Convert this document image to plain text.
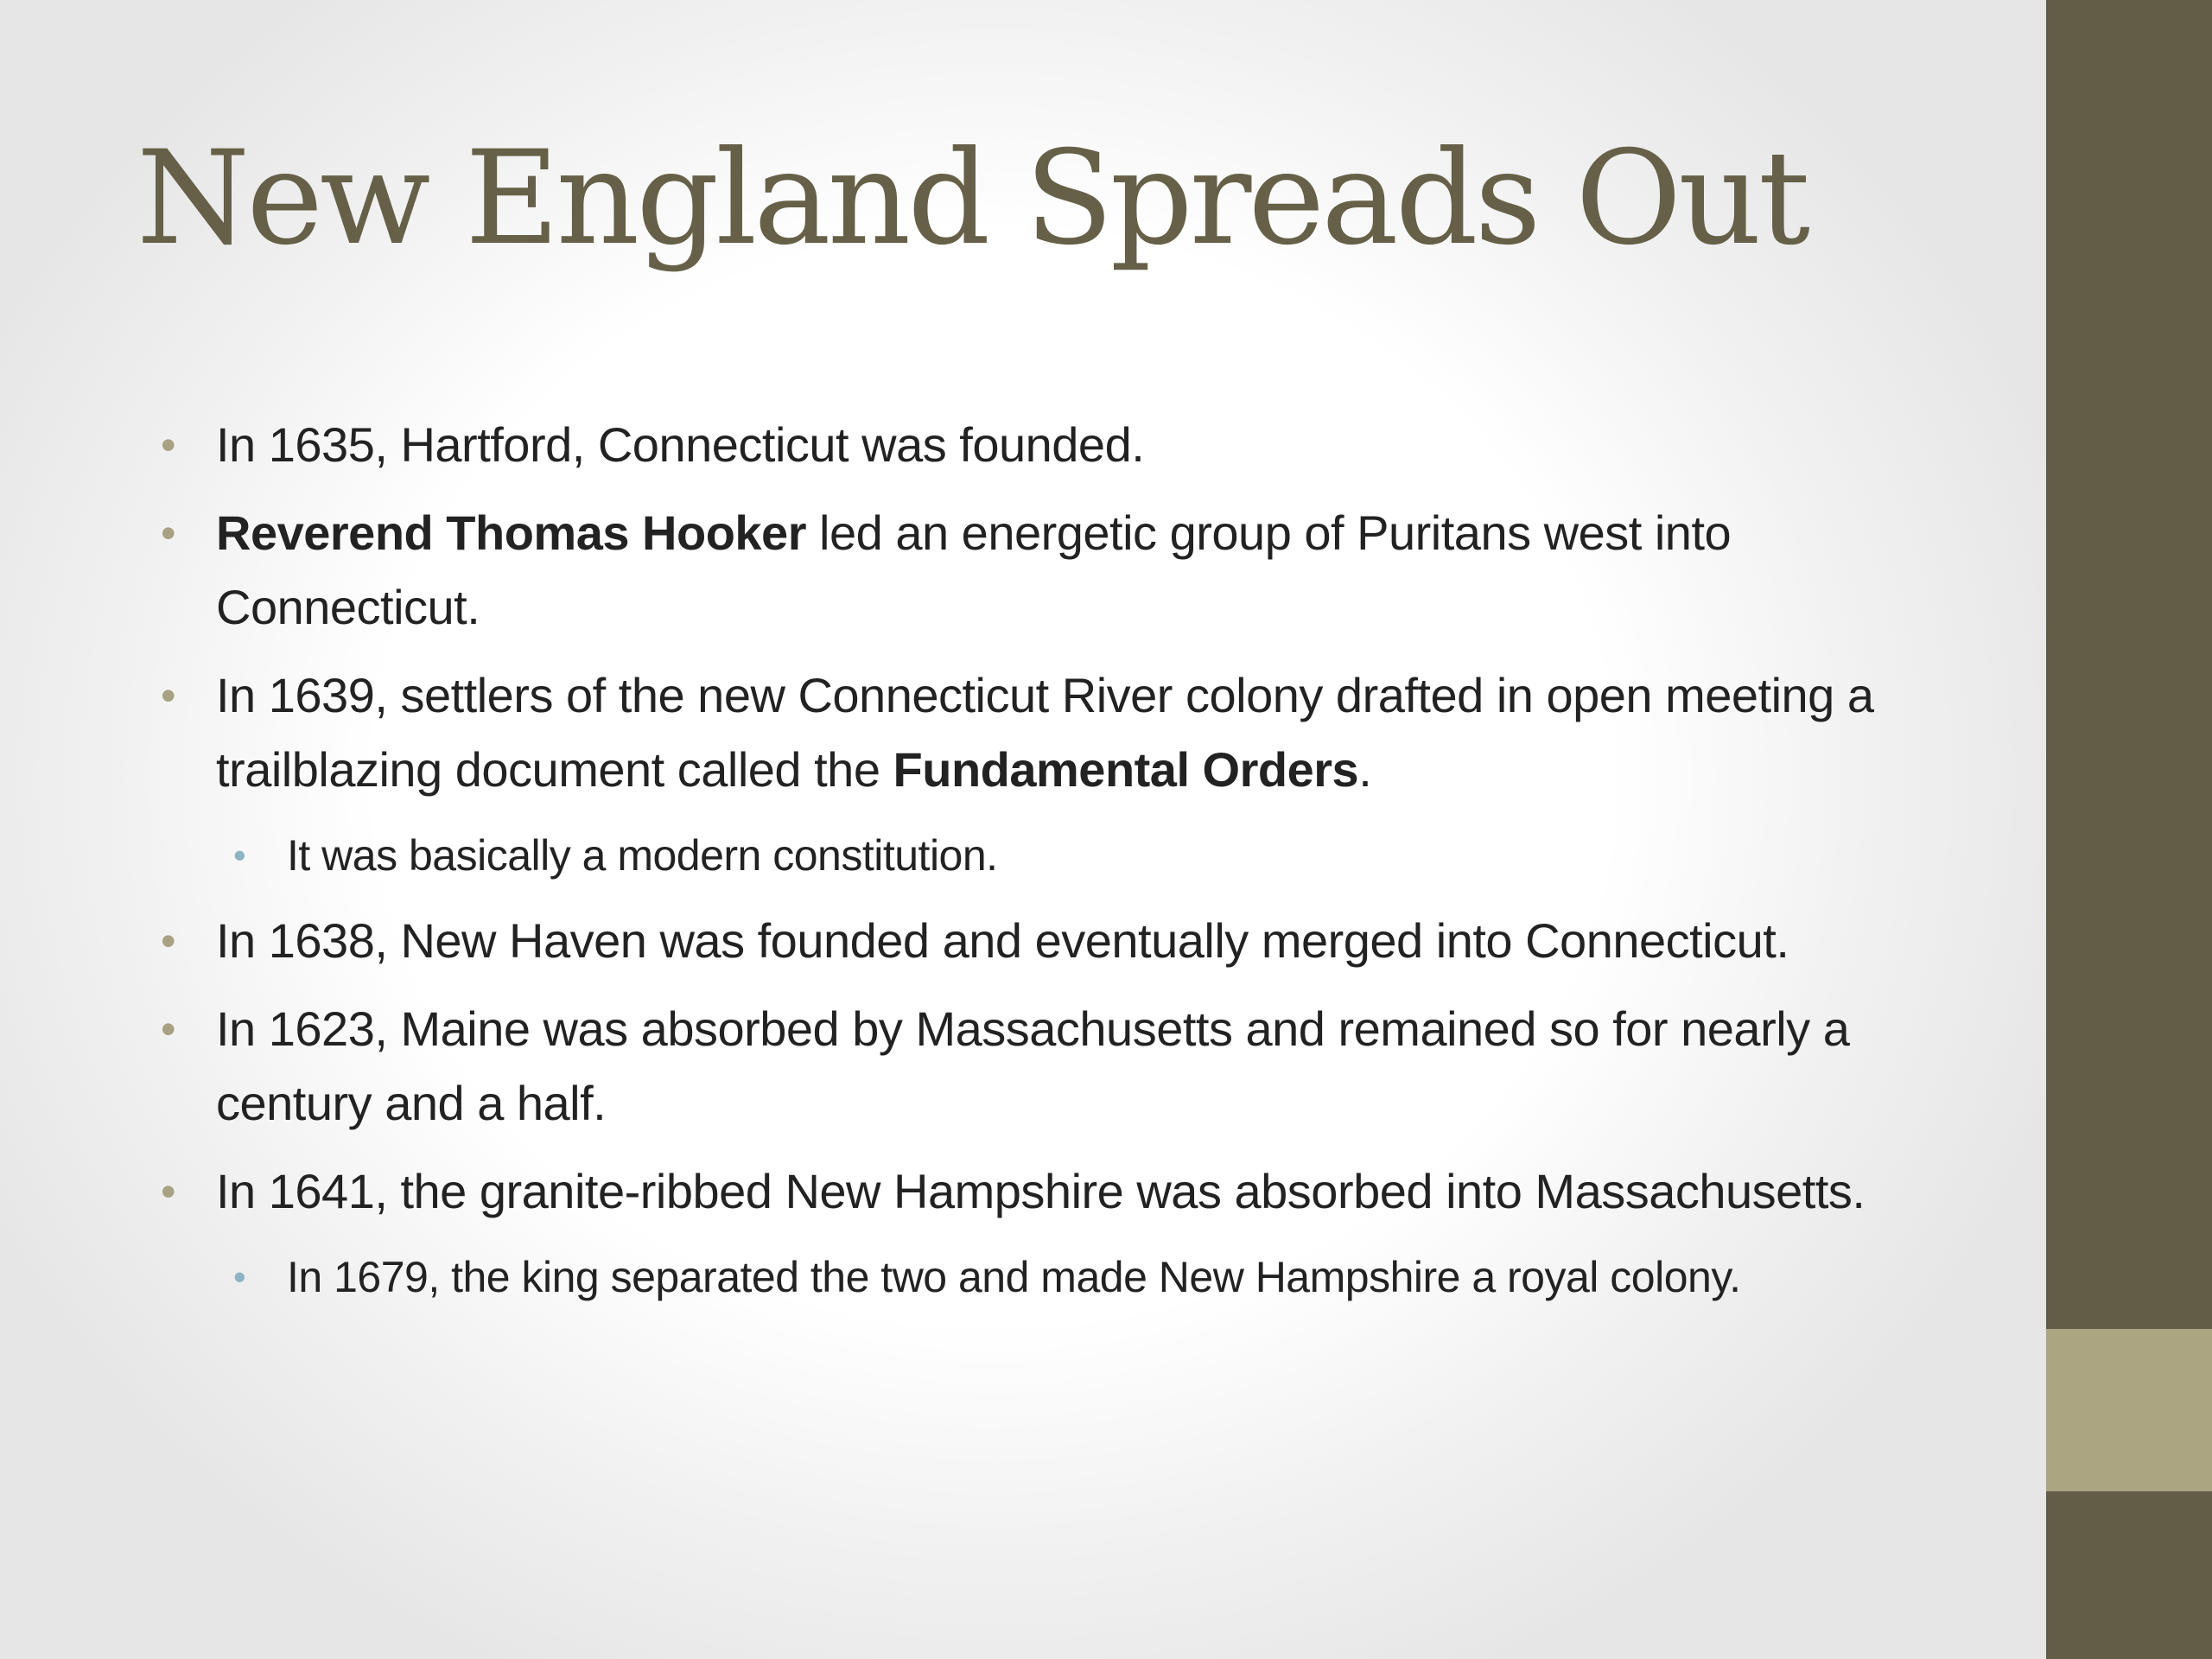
New England Spreads Out
• In 1635, Hartford, Connecticut was founded.
• Reverend Thomas Hooker led an energetic group of Puritans west into Connecticut.
• In 1639, settlers of the new Connecticut River colony drafted in open meeting a trailblazing document called the Fundamental Orders.
• It was basically a modern constitution.
• In 1638, New Haven was founded and eventually merged into Connecticut.
• In 1623, Maine was absorbed by Massachusetts and remained so for nearly a century and a half.
• In 1641, the granite-ribbed New Hampshire was absorbed into Massachusetts.
• In 1679, the king separated the two and made New Hampshire a royal colony.
